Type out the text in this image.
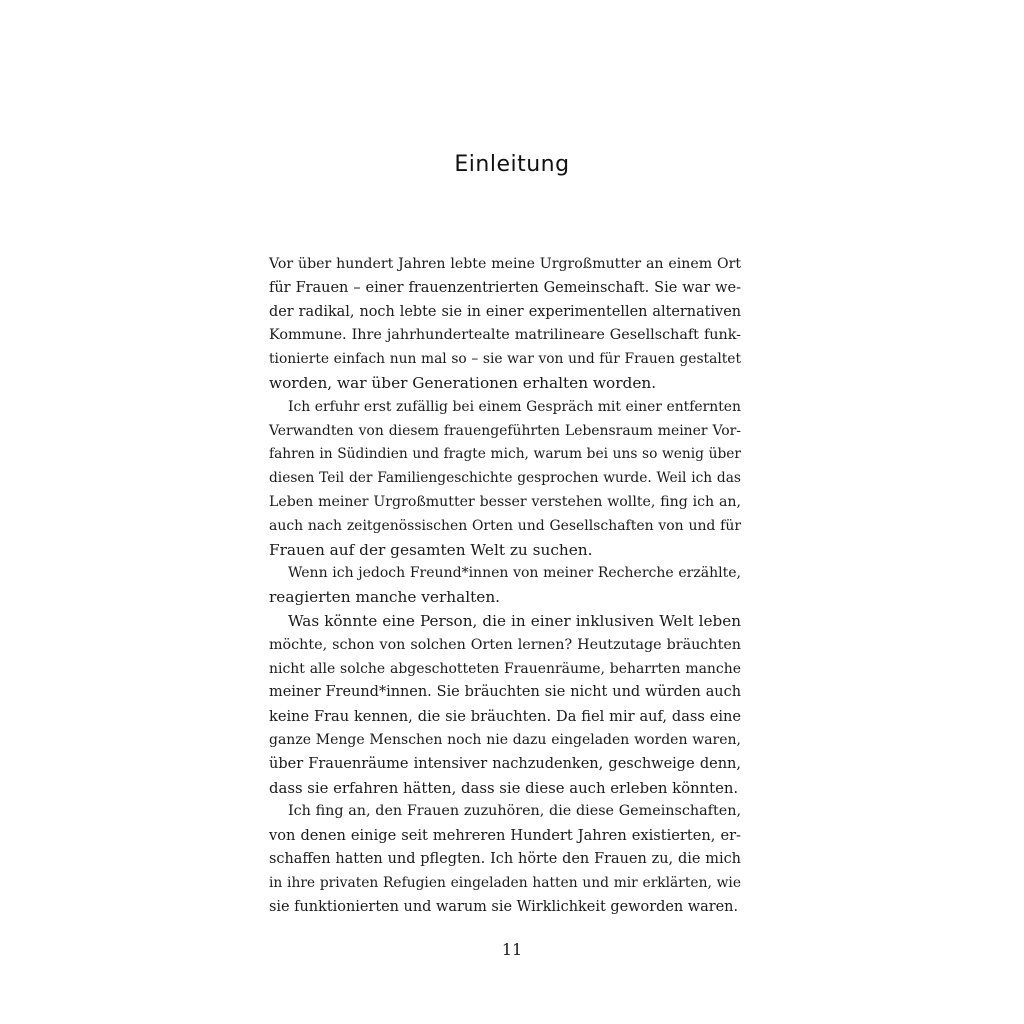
Einleitung
Vor über hundert Jahren lebte meine Urgroßmutter an einem Ort
für Frauen – einer frauenzentrierten Gemeinschaft. Sie war we-
der radikal, noch lebte sie in einer experimentellen alternativen
Kommune. Ihre jahrhundertealte matrilineare Gesellschaft funk-
tionierte einfach nun mal so – sie war von und für Frauen gestaltet
worden, war über Generationen erhalten worden.
Ich erfuhr erst zufällig bei einem Gespräch mit einer entfernten
Verwandten von diesem frauengeführten Lebensraum meiner Vor-
fahren in Südindien und fragte mich, warum bei uns so wenig über
diesen Teil der Familiengeschichte gesprochen wurde. Weil ich das
Leben meiner Urgroßmutter besser verstehen wollte, fing ich an,
auch nach zeitgenössischen Orten und Gesellschaften von und für
Frauen auf der gesamten Welt zu suchen.
Wenn ich jedoch Freund*innen von meiner Recherche erzählte,
reagierten manche verhalten.
Was könnte eine Person, die in einer inklusiven Welt leben
möchte, schon von solchen Orten lernen? Heutzutage bräuchten
nicht alle solche abgeschotteten Frauenräume, beharrten manche
meiner Freund*innen. Sie bräuchten sie nicht und würden auch
keine Frau kennen, die sie bräuchten. Da fiel mir auf, dass eine
ganze Menge Menschen noch nie dazu eingeladen worden waren,
über Frauenräume intensiver nachzudenken, geschweige denn,
dass sie erfahren hätten, dass sie diese auch erleben könnten.
Ich fing an, den Frauen zuzuhören, die diese Gemeinschaften,
von denen einige seit mehreren Hundert Jahren existierten, er-
schaffen hatten und pflegten. Ich hörte den Frauen zu, die mich
in ihre privaten Refugien eingeladen hatten und mir erklärten, wie
sie funktionierten und warum sie Wirklichkeit geworden waren.
11
